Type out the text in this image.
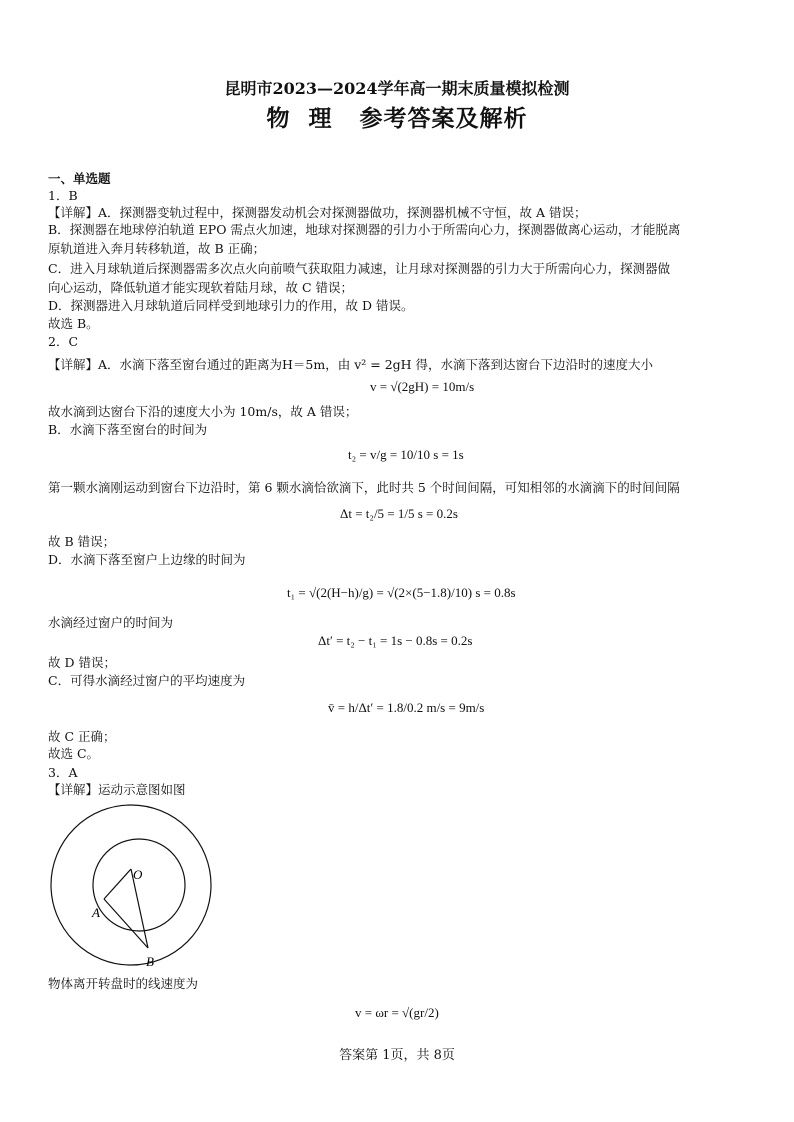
昆明市2023—2024学年高一期末质量模拟检测
物  理   参考答案及解析
一、单选题
1．B
【详解】A．探测器变轨过程中，探测器发动机会对探测器做功，探测器机械不守恒，故 A 错误；
B．探测器在地球停泊轨道 EPO 需点火加速，地球对探测器的引力小于所需向心力，探测器做离心运动，才能脱离
原轨道进入奔月转移轨道，故 B 正确；
C．进入月球轨道后探测器需多次点火向前喷气获取阻力减速，让月球对探测器的引力大于所需向心力，探测器做
向心运动，降低轨道才能实现软着陆月球，故 C 错误；
D．探测器进入月球轨道后同样受到地球引力的作用，故 D 错误。
故选 B。
2．C
【详解】A．水滴下落至窗台通过的距离为H＝5m，由 v² = 2gH 得，水滴下落到达窗台下边沿时的速度大小
v = √(2gH) = 10m/s
故水滴到达窗台下沿的速度大小为 10m/s，故 A 错误；
B．水滴下落至窗台的时间为
t₂ = v/g = 10/10 s = 1s
第一颗水滴刚运动到窗台下边沿时，第 6 颗水滴恰欲滴下，此时共 5 个时间间隔，可知相邻的水滴滴下的时间间隔
Δt = t₂/5 = 1/5 s = 0.2s
故 B 错误；
D．水滴下落至窗户上边缘的时间为
t₁ = √(2(H−h)/g) = √(2×(5−1.8)/10) s = 0.8s
水滴经过窗户的时间为
Δt′ = t₂ − t₁ = 1s − 0.8s = 0.2s
故 D 错误；
C．可得水滴经过窗户的平均速度为
v̄ = h/Δt′ = 1.8/0.2 m/s = 9m/s
故 C 正确；
故选 C。
3．A
【详解】运动示意图如图
O
A
B
物体离开转盘时的线速度为
v = ωr = √(gr/2)
答案第 1页，共 8页
